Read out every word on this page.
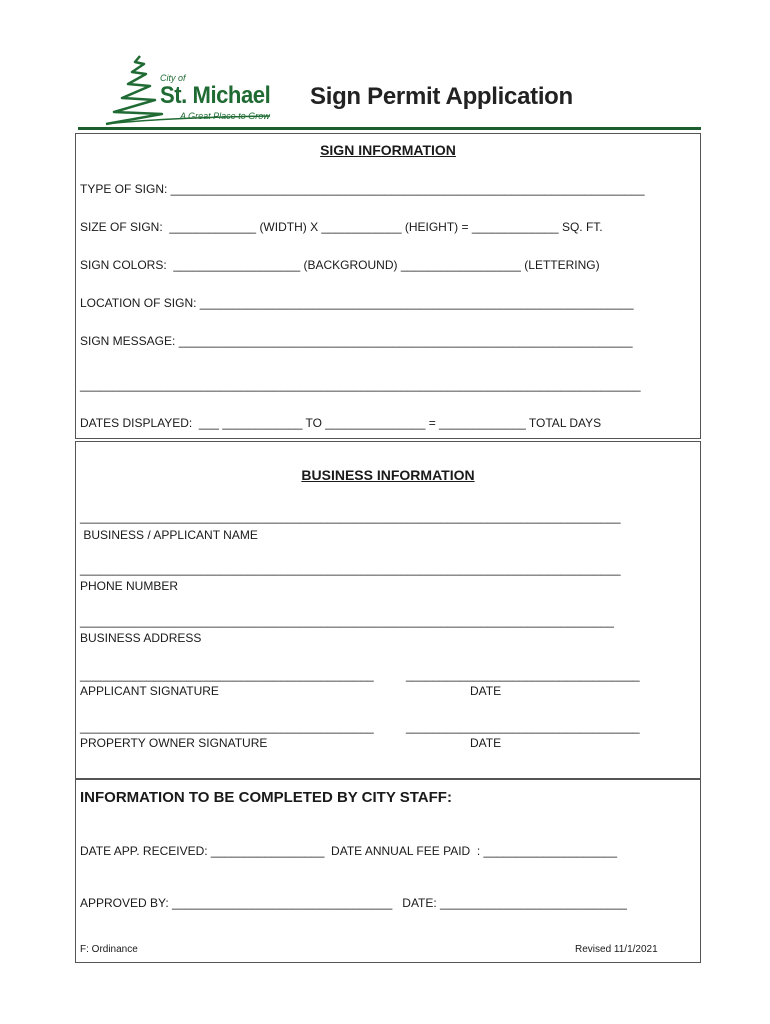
City of
St. Michael
A Great Place to Grow
Sign Permit Application
SIGN INFORMATION
TYPE OF SIGN: _______________________________________________________________________
SIZE OF SIGN:  _____________ (WIDTH) X ____________ (HEIGHT) = _____________ SQ. FT.
SIGN COLORS:  ___________________ (BACKGROUND) __________________ (LETTERING)
LOCATION OF SIGN: _________________________________________________________________
SIGN MESSAGE: ____________________________________________________________________
____________________________________________________________________________________
DATES DISPLAYED:  ___ ____________ TO _______________ = _____________ TOTAL DAYS
BUSINESS INFORMATION
_________________________________________________________________________________
BUSINESS / APPLICANT NAME
_________________________________________________________________________________
PHONE NUMBER
________________________________________________________________________________
BUSINESS ADDRESS
____________________________________________	___________________________________
APPLICANT SIGNATURE	DATE
____________________________________________	___________________________________
PROPERTY OWNER SIGNATURE	DATE
INFORMATION TO BE COMPLETED BY CITY STAFF:
DATE APP. RECEIVED: _________________  DATE ANNUAL FEE PAID  : ____________________
APPROVED BY: _________________________________   DATE: ____________________________
F: Ordinance	Revised 11/1/2021
